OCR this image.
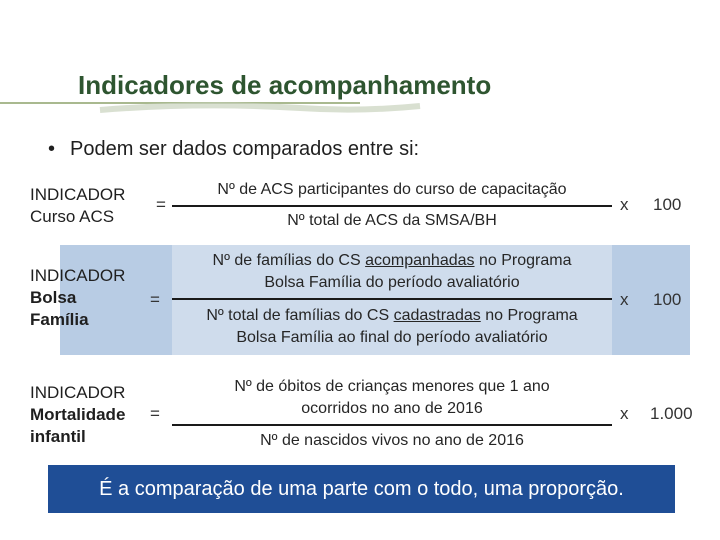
Indicadores de acompanhamento
• Podem ser dados comparados entre si:
INDICADOR
Curso ACS
=
Nº de ACS participantes do curso de capacitação
Nº total de ACS da SMSA/BH
x 100
INDICADOR
Bolsa
Família
=
Nº de famílias do CS acompanhadas no Programa
Bolsa Família do período avaliatório
Nº total de famílias do CS cadastradas no Programa
Bolsa Família ao final do período avaliatório
x 100
INDICADOR
Mortalidade
infantil
=
Nº de óbitos de crianças menores que 1 ano
ocorridos no ano de 2016
Nº de nascidos vivos no ano de 2016
x 1.000
É a comparação de uma parte com o todo, uma proporção.
